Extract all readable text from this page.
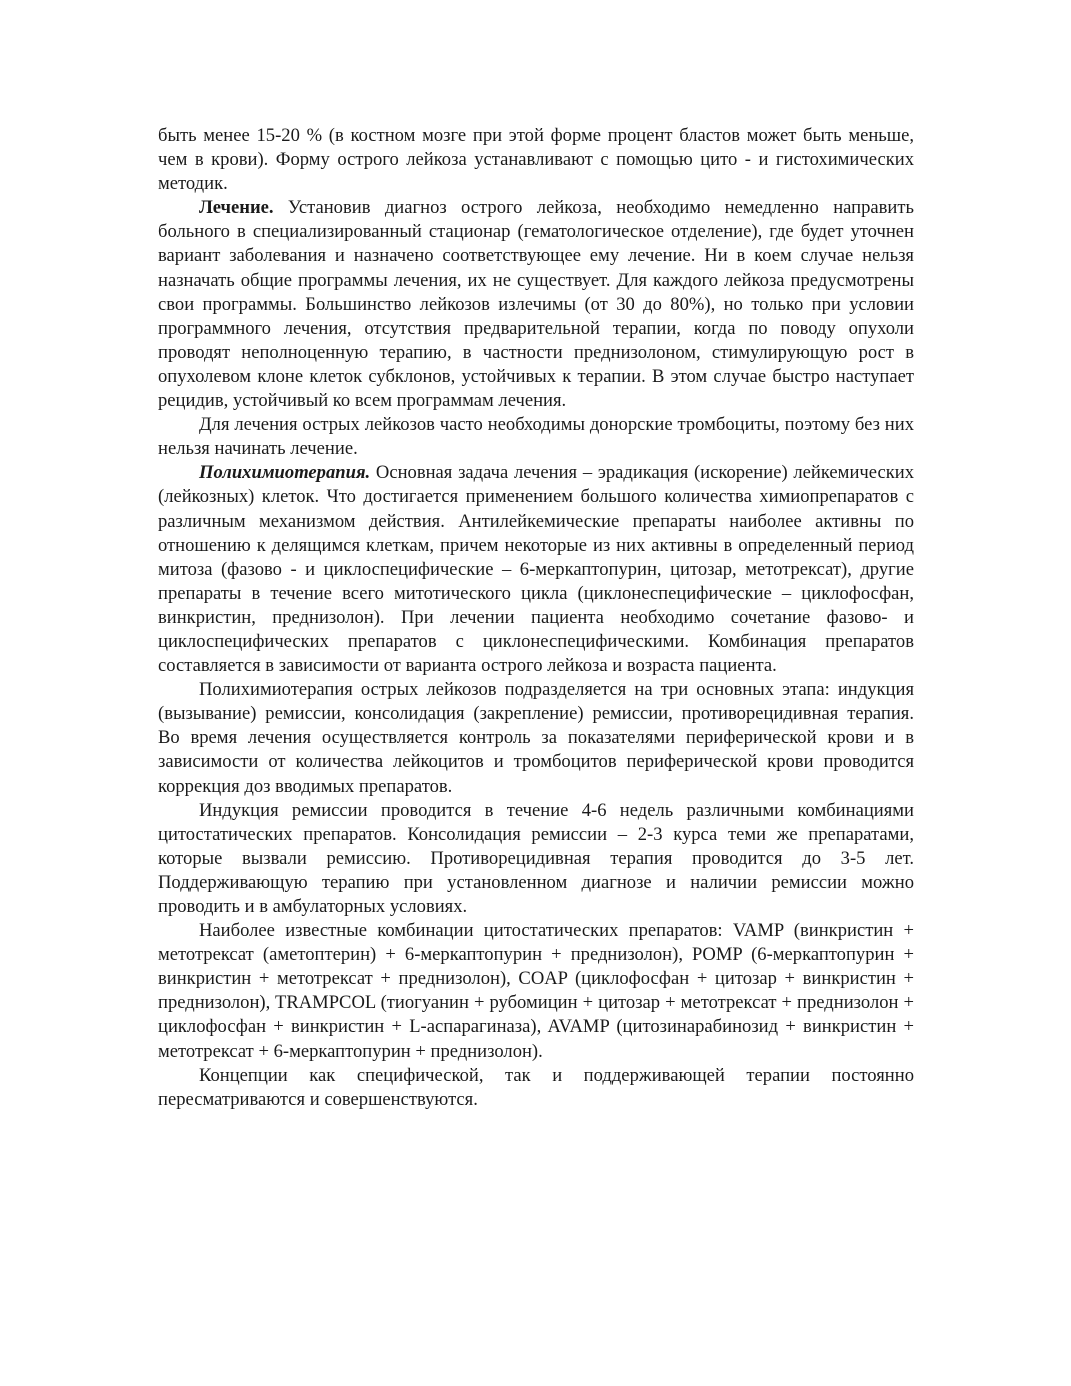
быть менее 15-20 % (в костном мозге при этой форме процент бластов может быть меньше, чем в крови). Форму острого лейкоза устанавливают с помощью цито - и гистохимических методик.

Лечение. Установив диагноз острого лейкоза, необходимо немедленно направить больного в специализированный стационар (гематологическое отделение), где будет уточнен вариант заболевания и назначено соответствующее ему лечение. Ни в коем случае нельзя назначать общие программы лечения, их не существует. Для каждого лейкоза предусмотрены свои программы. Большинство лейкозов излечимы (от 30 до 80%), но только при условии программного лечения, отсутствия предварительной терапии, когда по поводу опухоли проводят неполноценную терапию, в частности преднизолоном, стимулирующую рост в опухолевом клоне клеток субклонов, устойчивых к терапии. В этом случае быстро наступает рецидив, устойчивый ко всем программам лечения.

Для лечения острых лейкозов часто необходимы донорские тромбоциты, поэтому без них нельзя начинать лечение.

Полихимиотерапия. Основная задача лечения – эрадикация (искорение) лейкемических (лейкозных) клеток. Что достигается применением большого количества химиопрепаратов с различным механизмом действия. Антилейкемические препараты наиболее активны по отношению к делящимся клеткам, причем некоторые из них активны в определенный период митоза (фазово - и циклоспецифические – 6-меркаптопурин, цитозар, метотрексат), другие препараты в течение всего митотического цикла (циклонеспецифические – циклофосфан, винкристин, преднизолон). При лечении пациента необходимо сочетание фазово- и циклоспецифических препаратов с циклонеспецифическими. Комбинация препаратов составляется в зависимости от варианта острого лейкоза и возраста пациента.

Полихимиотерапия острых лейкозов подразделяется на три основных этапа: индукция (вызывание) ремиссии, консолидация (закрепление) ремиссии, противорецидивная терапия. Во время лечения осуществляется контроль за показателями периферической крови и в зависимости от количества лейкоцитов и тромбоцитов периферической крови проводится коррекция доз вводимых препаратов.

Индукция ремиссии проводится в течение 4-6 недель различными комбинациями цитостатических препаратов. Консолидация ремиссии – 2-3 курса теми же препаратами, которые вызвали ремиссию. Противорецидивная терапия проводится до 3-5 лет. Поддерживающую терапию при установленном диагнозе и наличии ремиссии можно проводить и в амбулаторных условиях.

Наиболее известные комбинации цитостатических препаратов: VAMP (винкристин + метотрексат (аметоптерин) + 6-меркаптопурин + преднизолон), POMP (6-меркаптопурин + винкристин + метотрексат + преднизолон), COAP (циклофосфан + цитозар + винкристин + преднизолон), TRAMPCOL (тиогуанин + рубомицин + цитозар + метотрексат + преднизолон + циклофосфан + винкристин + L-аспарагиназа), AVAMP (цитозинарабинозид + винкристин + метотрексат + 6-меркаптопурин + преднизолон).

Концепции как специфической, так и поддерживающей терапии постоянно пересматриваются и совершенствуются.
